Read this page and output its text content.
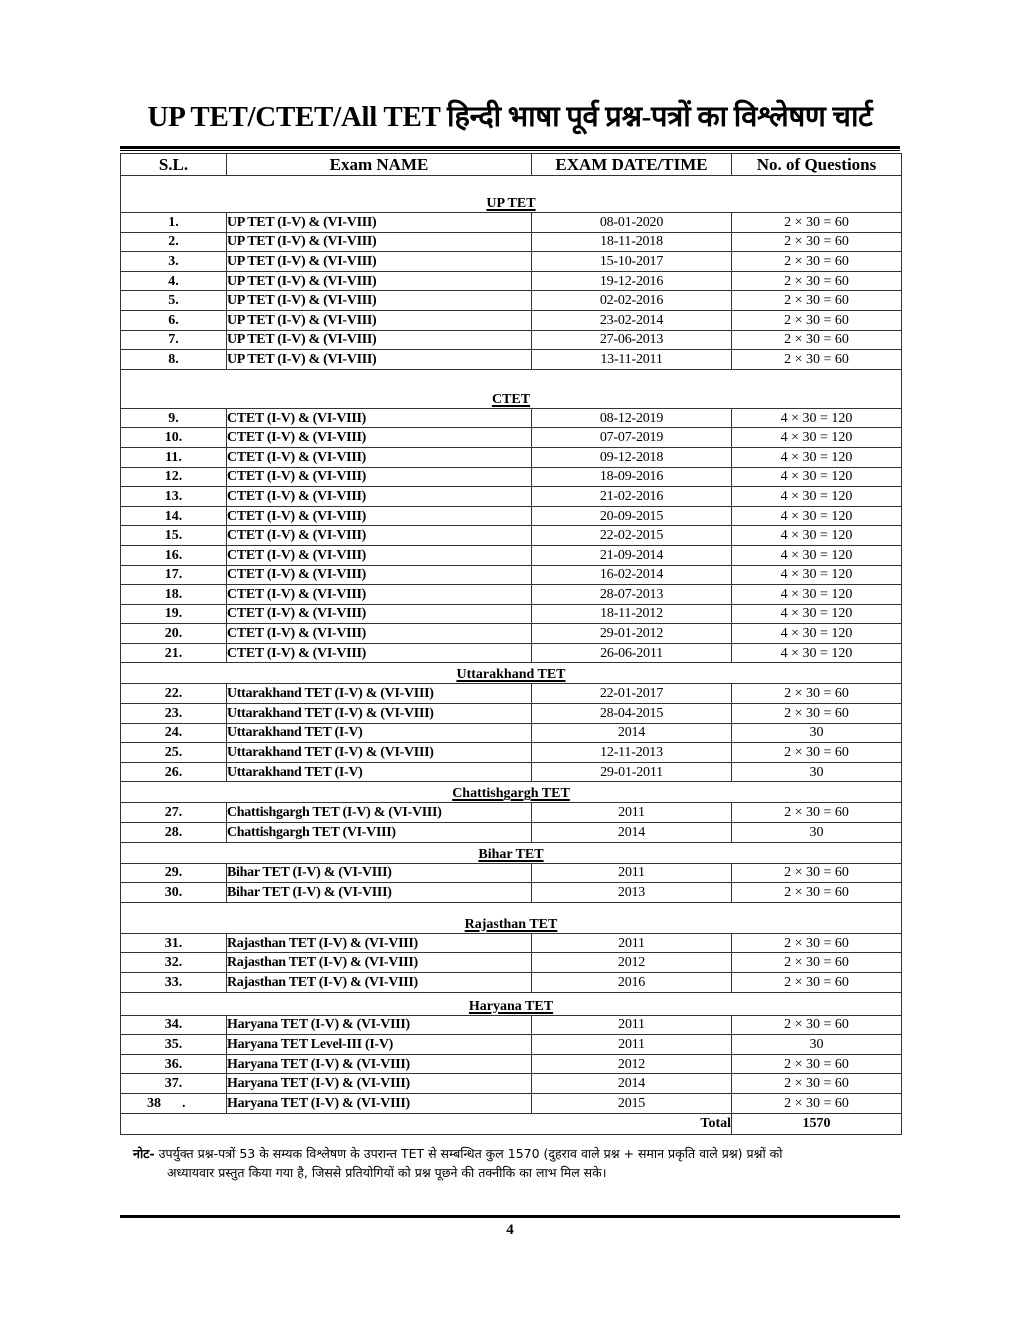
UP TET/CTET/All TET हिन्दी भाषा पूर्व प्रश्न-पत्रों का विश्लेषण चार्ट
S.L.	Exam NAME	EXAM DATE/TIME	No. of Questions
UP TET			
1.	UP TET (I-V) & (VI-VIII)	08-01-2020	2 × 30 = 60
2.	UP TET (I-V) & (VI-VIII)	18-11-2018	2 × 30 = 60
3.	UP TET (I-V) & (VI-VIII)	15-10-2017	2 × 30 = 60
4.	UP TET (I-V) & (VI-VIII)	19-12-2016	2 × 30 = 60
5.	UP TET (I-V) & (VI-VIII)	02-02-2016	2 × 30 = 60
6.	UP TET (I-V) & (VI-VIII)	23-02-2014	2 × 30 = 60
7.	UP TET (I-V) & (VI-VIII)	27-06-2013	2 × 30 = 60
8.	UP TET (I-V) & (VI-VIII)	13-11-2011	2 × 30 = 60
CTET			
9.	CTET (I-V) & (VI-VIII)	08-12-2019	4 × 30 = 120
10.	CTET (I-V) & (VI-VIII)	07-07-2019	4 × 30 = 120
11.	CTET (I-V) & (VI-VIII)	09-12-2018	4 × 30 = 120
12.	CTET (I-V) & (VI-VIII)	18-09-2016	4 × 30 = 120
13.	CTET (I-V) & (VI-VIII)	21-02-2016	4 × 30 = 120
14.	CTET (I-V) & (VI-VIII)	20-09-2015	4 × 30 = 120
15.	CTET (I-V) & (VI-VIII)	22-02-2015	4 × 30 = 120
16.	CTET (I-V) & (VI-VIII)	21-09-2014	4 × 30 = 120
17.	CTET (I-V) & (VI-VIII)	16-02-2014	4 × 30 = 120
18.	CTET (I-V) & (VI-VIII)	28-07-2013	4 × 30 = 120
19.	CTET (I-V) & (VI-VIII)	18-11-2012	4 × 30 = 120
20.	CTET (I-V) & (VI-VIII)	29-01-2012	4 × 30 = 120
21.	CTET (I-V) & (VI-VIII)	26-06-2011	4 × 30 = 120
Uttarakhand TET			
22.	Uttarakhand TET (I-V) & (VI-VIII)	22-01-2017	2 × 30 = 60
23.	Uttarakhand TET (I-V) & (VI-VIII)	28-04-2015	2 × 30 = 60
24.	Uttarakhand TET (I-V)	2014	30
25.	Uttarakhand TET (I-V) & (VI-VIII)	12-11-2013	2 × 30 = 60
26.	Uttarakhand TET (I-V)	29-01-2011	30
Chattishgargh TET			
27.	Chattishgargh TET (I-V) & (VI-VIII)	2011	2 × 30 = 60
28.	Chattishgargh TET (VI-VIII)	2014	30
Bihar TET			
29.	Bihar TET (I-V) & (VI-VIII)	2011	2 × 30 = 60
30.	Bihar TET (I-V) & (VI-VIII)	2013	2 × 30 = 60
Rajasthan TET			
31.	Rajasthan TET (I-V) & (VI-VIII)	2011	2 × 30 = 60
32.	Rajasthan TET (I-V) & (VI-VIII)	2012	2 × 30 = 60
33.	Rajasthan TET (I-V) & (VI-VIII)	2016	2 × 30 = 60
Haryana TET			
34.	Haryana TET (I-V) & (VI-VIII)	2011	2 × 30 = 60
35.	Haryana TET Level-III (I-V)	2011	30
36.	Haryana TET (I-V) & (VI-VIII)	2012	2 × 30 = 60
37.	Haryana TET (I-V) & (VI-VIII)	2014	2 × 30 = 60
38      .	Haryana TET (I-V) & (VI-VIII)	2015	2 × 30 = 60
Total			1570
नोट- उपर्युक्त प्रश्न-पत्रों 53 के सम्यक विश्लेषण के उपरान्त TET से सम्बन्धित कुल 1570 (दुहराव वाले प्रश्न + समान प्रकृति वाले प्रश्न) प्रश्नों को
अध्यायवार प्रस्तुत किया गया है, जिससे प्रतियोगियों को प्रश्न पूछने की तक्नीकि का लाभ मिल सके।
4
